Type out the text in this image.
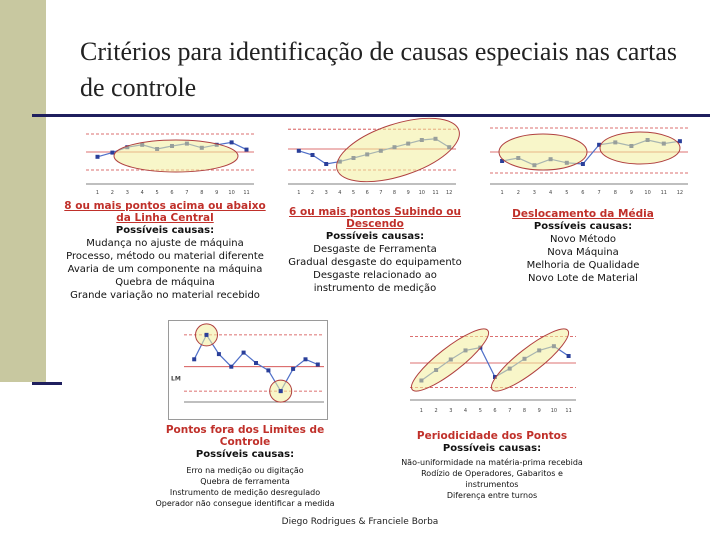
Critérios para identificação de causas especiais nas cartas de controle
1 2 3 4 5 6 7 8 9 10 11	1 2 3 4 5 6 7 8 9 10 11 12	1	2	3	4	5	6	7	8	9 10 11 12
LM
1 2 3 4 5 6 7 8 9 10 11
8 ou mais pontos acima ou abaixo da Linha Central
Possíveis causas:
Mudança no ajuste de máquina
Processo, método ou material diferente
Avaria de um componente na máquina
Quebra de máquina
Grande variação no material recebido
6 ou mais pontos Subindo ou Descendo
Possíveis causas:
Desgaste de Ferramenta
Gradual desgaste do equipamento
Desgaste relacionado ao
instrumento de medição
Deslocamento da Média
Possíveis causas:
Novo Método
Nova Máquina
Melhoria de Qualidade
Novo Lote de Material
Pontos fora dos Limites de Controle
Possíveis causas:
Erro na medição ou digitação
Quebra de ferramenta
Instrumento de medição desregulado
Operador não consegue identificar a medida
Periodicidade dos Pontos
Possíveis causas:
Não-uniformidade na matéria-prima recebida
Rodízio de Operadores, Gabaritos e
instrumentos
Diferença entre turnos
Diego Rodrigues & Franciele Borba
